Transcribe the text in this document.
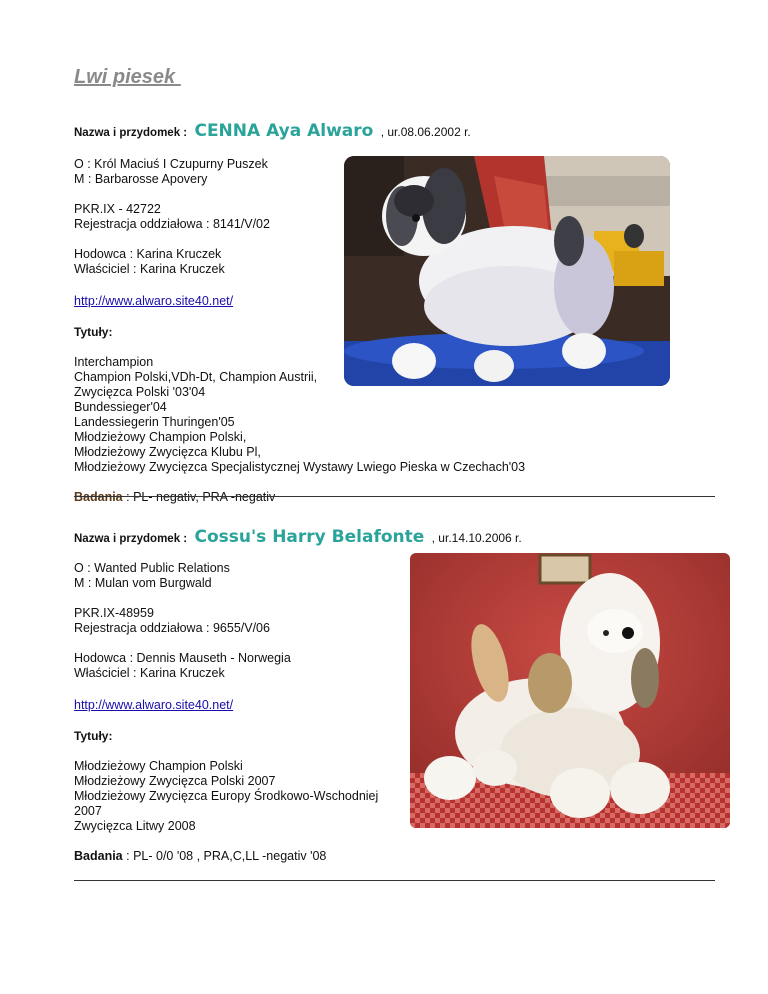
Lwi piesek
Nazwa i przydomek : CENNA Aya Alwaro , ur.08.06.2002 r.
O : Król Maciuś I Czupurny Puszek
M : Barbarosse Apovery
PKR.IX - 42722
Rejestracja oddziałowa : 8141/V/02
Hodowca : Karina Kruczek
Właściciel : Karina Kruczek
http://www.alwaro.site40.net/
Tytuły:
Interchampion
Champion Polski,VDh-Dt, Champion Austrii,
Zwycięzca Polski '03'04
Bundessieger'04
Landessiegerin Thuringen'05
Młodzieżowy Champion Polski,
Młodzieżowy Zwycięzca Klubu Pl,
Młodzieżowy Zwycięzca Specjalistycznej Wystawy Lwiego Pieska w Czechach'03
Badania : PL- negativ, PRA -negativ
Nazwa i przydomek : Cossu's Harry Belafonte , ur.14.10.2006 r.
O : Wanted Public Relations
M : Mulan vom Burgwald
PKR.IX-48959
Rejestracja oddziałowa : 9655/V/06
Hodowca : Dennis Mauseth - Norwegia
Właściciel : Karina Kruczek
http://www.alwaro.site40.net/
Tytuły:
Młodzieżowy Champion Polski
Młodzieżowy Zwycięzca Polski 2007
Młodzieżowy Zwycięzca Europy Środkowo-Wschodniej
2007
Zwycięzca Litwy 2008
Badania : PL- 0/0 '08 , PRA,C,LL -negativ '08
